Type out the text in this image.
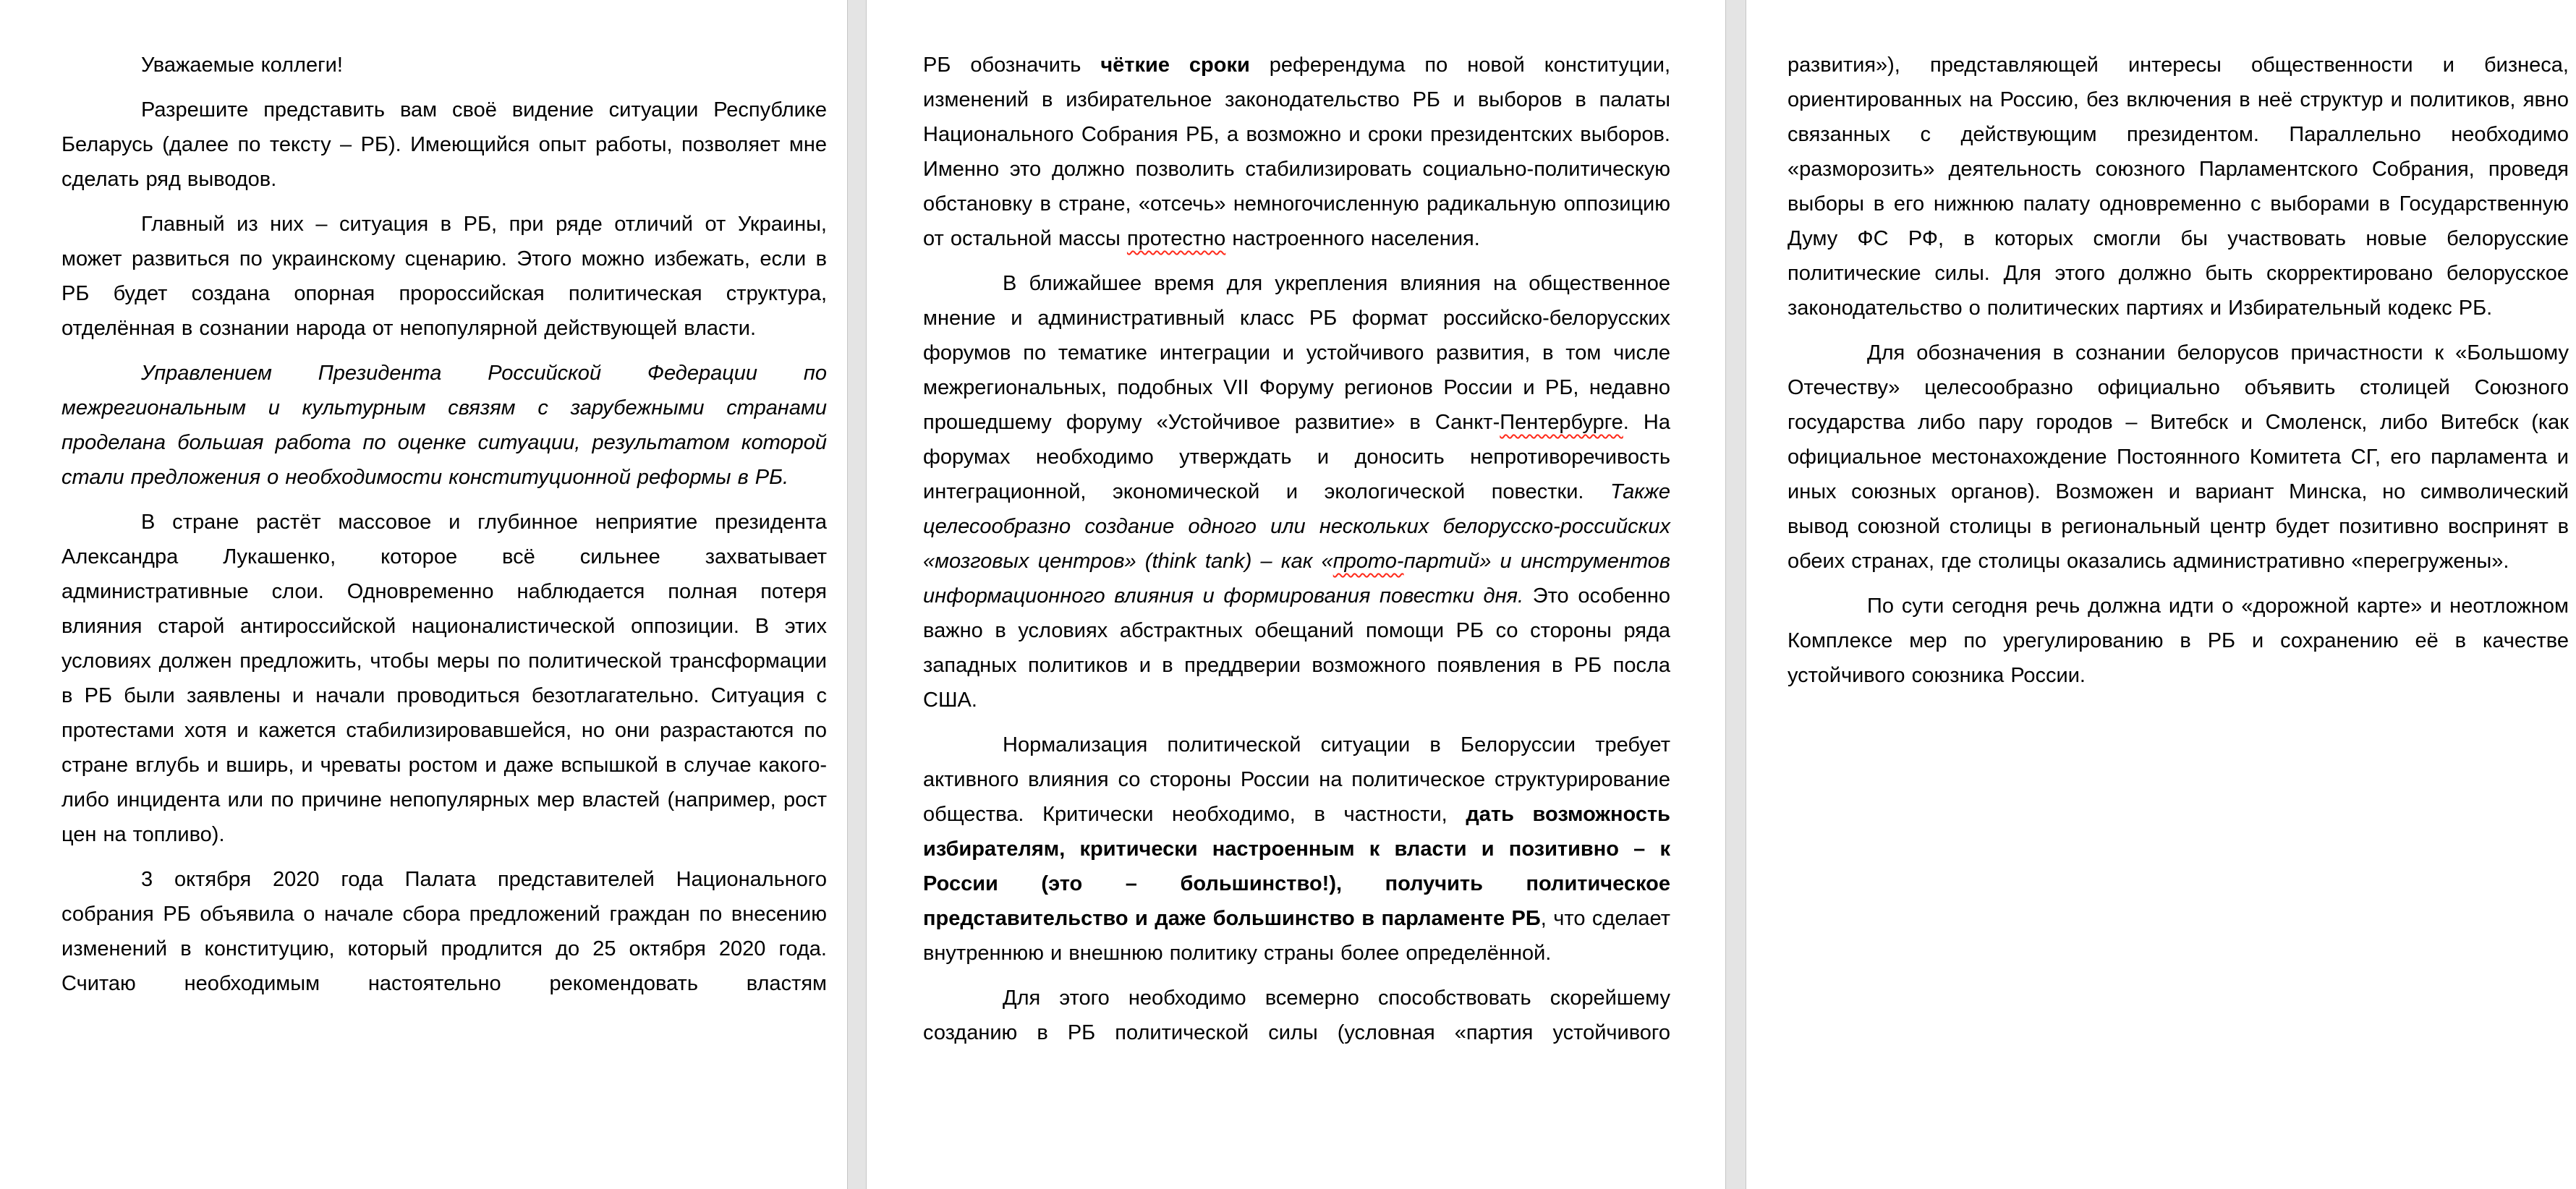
Уважаемые коллеги!

Разрешите представить вам своё видение ситуации Республике Беларусь (далее по тексту – РБ). Имеющийся опыт работы, позволяет мне сделать ряд выводов.

Главный из них – ситуация в РБ, при ряде отличий от Украины, может развиться по украинскому сценарию. Этого можно избежать, если в РБ будет создана опорная пророссийская политическая структура, отделённая в сознании народа от непопулярной действующей власти.

Управлением Президента Российской Федерации по межрегиональным и культурным связям с зарубежными странами проделана большая работа по оценке ситуации, результатом которой стали предложения о необходимости конституционной реформы в РБ.

В стране растёт массовое и глубинное неприятие президента Александра Лукашенко, которое всё сильнее захватывает административные слои. Одновременно наблюдается полная потеря влияния старой антироссийской националистической оппозиции. В этих условиях должен предложить, чтобы меры по политической трансформации в РБ были заявлены и начали проводиться безотлагательно. Ситуация с протестами хотя и кажется стабилизировавшейся, но они разрастаются по стране вглубь и вширь, и чреваты ростом и даже вспышкой в случае какого-либо инцидента или по причине непопулярных мер властей (например, рост цен на топливо).

3 октября 2020 года Палата представителей Национального собрания РБ объявила о начале сбора предложений граждан по внесению изменений в конституцию, который продлится до 25 октября 2020 года. Считаю необходимым настоятельно рекомендовать властям

РБ обозначить чёткие сроки референдума по новой конституции, изменений в избирательное законодательство РБ и выборов в палаты Национального Собрания РБ, а возможно и сроки президентских выборов. Именно это должно позволить стабилизировать социально-политическую обстановку в стране, «отсечь» немногочисленную радикальную оппозицию от остальной массы протестно настроенного населения.

В ближайшее время для укрепления влияния на общественное мнение и административный класс РБ формат российско-белорусских форумов по тематике интеграции и устойчивого развития, в том числе межрегиональных, подобных VII Форуму регионов России и РБ, недавно прошедшему форуму «Устойчивое развитие» в Санкт-Пентербурге. На форумах необходимо утверждать и доносить непротиворечивость интеграционной, экономической и экологической повестки. Также целесообразно создание одного или нескольких белорусско-российских «мозговых центров» (think tank) – как «прото-партий» и инструментов информационного влияния и формирования повестки дня. Это особенно важно в условиях абстрактных обещаний помощи РБ со стороны ряда западных политиков и в преддверии возможного появления в РБ посла США.

Нормализация политической ситуации в Белоруссии требует активного влияния со стороны России на политическое структурирование общества. Критически необходимо, в частности, дать возможность избирателям, критически настроенным к власти и позитивно – к России (это – большинство!), получить политическое представительство и даже большинство в парламенте РБ, что сделает внутреннюю и внешнюю политику страны более определённой.

Для этого необходимо всемерно способствовать скорейшему созданию в РБ политической силы (условная «партия устойчивого

развития»), представляющей интересы общественности и бизнеса, ориентированных на Россию, без включения в неё структур и политиков, явно связанных с действующим президентом. Параллельно необходимо «разморозить» деятельность союзного Парламентского Собрания, проведя выборы в его нижнюю палату одновременно с выборами в Государственную Думу ФС РФ, в которых смогли бы участвовать новые белорусские политические силы. Для этого должно быть скорректировано белорусское законодательство о политических партиях и Избирательный кодекс РБ.

Для обозначения в сознании белорусов причастности к «Большому Отечеству» целесообразно официально объявить столицей Союзного государства либо пару городов – Витебск и Смоленск, либо Витебск (как официальное местонахождение Постоянного Комитета СГ, его парламента и иных союзных органов). Возможен и вариант Минска, но символический вывод союзной столицы в региональный центр будет позитивно воспринят в обеих странах, где столицы оказались административно «перегружены».

По сути сегодня речь должна идти о «дорожной карте» и неотложном Комплексе мер по урегулированию в РБ и сохранению её в качестве устойчивого союзника России.
